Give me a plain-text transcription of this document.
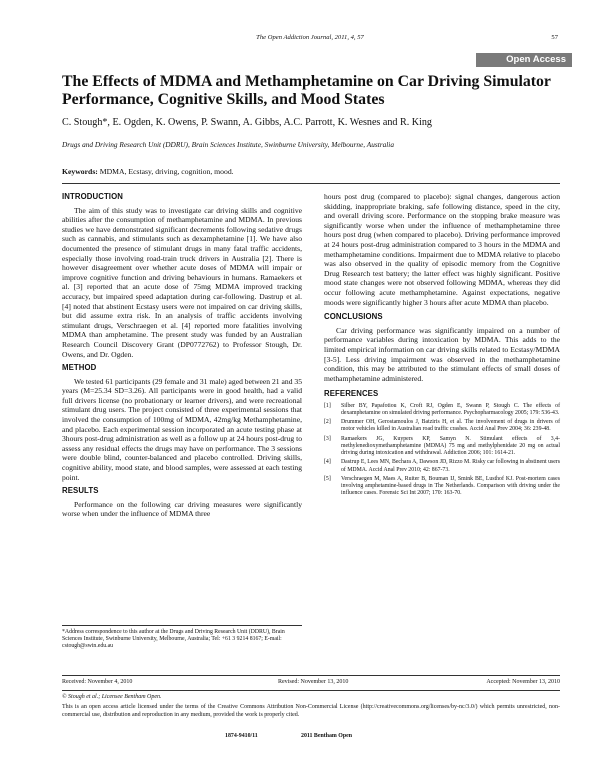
The Open Addiction Journal, 2011, 4, 57	57
Open Access
The Effects of MDMA and Methamphetamine on Car Driving Simulator Performance, Cognitive Skills, and Mood States
C. Stough*, E. Ogden, K. Owens, P. Swann, A. Gibbs, A.C. Parrott, K. Wesnes and R. King
Drugs and Driving Research Unit (DDRU), Brain Sciences Institute, Swinburne University, Melbourne, Australia
Keywords: MDMA, Ecstasy, driving, cognition, mood.
INTRODUCTION

The aim of this study was to investigate car driving skills and cognitive abilities after the consumption of methamphetamine and MDMA. In previous studies we have demonstrated significant decrements following sedative drugs such as cannabis, and stimulants such as dexamphetamine [1]. We have also documented the presence of stimulant drugs in many fatal traffic accidents, especially those involving road-train truck drivers in Australia [2]. There is however disagreement over whether acute doses of MDMA will impair or improve cognitive function and driving behaviours in humans. Ramaekers et al. [3] reported that an acute dose of 75mg MDMA improved tracking accuracy, but impaired speed adaptation during car-following. Dastrup et al. [4] noted that abstinent Ecstasy users were not impaired on car driving skills, but did assume extra risk. In an analysis of traffic accidents involving stimulant drugs, Verschraegen et al. [4] reported more fatalities involving MDMA than amphetamine. The present study was funded by an Australian Research Council Discovery Grant (DP0772762) to Professor Stough, Dr. Owens, and Dr. Ogden.

METHOD

We tested 61 participants (29 female and 31 male) aged between 21 and 35 years (M=25.34 SD=3.26). All participants were in good health, had a valid full drivers license (no probationary or learner drivers), and were recreational stimulant drug users. The project consisted of three experimental sessions that involved the consumption of 100mg of MDMA, 42mg/kg Methamphetamine, and placebo. Each experimental session incorporated an acute testing phase at 3hours post-drug administration as well as a follow up at 24 hours post-drug to assess any residual effects the drugs may have on performance. The 3 sessions were double blind, counter-balanced and placebo controlled. Driving skills, cognitive ability, mood state, and blood samples, were assessed at each testing point.

RESULTS

Performance on the following car driving measures were significantly worse when under the influence of MDMA three

*Address correspondence to this author at the Drugs and Driving Research Unit (DDRU), Brain Sciences Institute, Swinburne University, Melbourne, Australia; Tel: +61 3 9214 8167; E-mail: cstough@swin.edu.au

hours post drug (compared to placebo): signal changes, dangerous action skidding, inappropriate braking, safe following distance, speed in the city, and overall driving score. Performance on the stopping brake measure was significantly worse when under the influence of methamphetamine three hours post drug (when compared to placebo). Driving performance improved at 24 hours post-drug administration compared to 3 hours in the MDMA and methamphetamine conditions. Impairment due to MDMA relative to placebo was also observed in the quality of episodic memory from the Cognitive Drug Research test battery; the latter effect was highly significant. Positive mood state changes were not observed following MDMA, whereas they did occur following acute methamphetamine. Against expectations, negative moods were significantly higher 3 hours after acute MDMA than placebo.

CONCLUSIONS

Car driving performance was significantly impaired on a number of performance variables during intoxication by MDMA. This adds to the limited empirical information on car driving skills related to Ecstasy/MDMA [3-5]. Less driving impairment was observed in the methamphetamine condition, this may be attributed to the stimulant effects of small doses of methamphetamine administered.

REFERENCES
[1]	Silber BY, Papafotiou K, Croft RJ, Ogden E, Swann P, Stough C. The effects of dexamphetamine on simulated driving performance. Psychopharmacology 2005; 179: 536-43.
[2]	Drummer OH, Gerostamoulos J, Batziris H, et al. The involvement of drugs in drivers of motor vehicles killed in Australian road traffic crashes. Accid Anal Prev 2004; 36: 239-48.
[3]	Ramaekers JG, Kuypers KP, Samyn N. Stimulant effects of 3,4-methylenedioxymethamphetamine (MDMA) 75 mg and methylphenidate 20 mg on actual driving during intoxication and withdrawal. Addiction 2006; 101: 1614-21.
[4]	Dastrup E, Lees MN, Bechara A, Dawson JD, Rizzo M. Risky car following in abstinent users of MDMA. Accid Anal Prev 2010; 42: 867-73.
[5]	Verschraegen M, Maes A, Ruiter B, Bouman IJ, Smink BE, Lusthof KJ. Post-mortem cases involving amphetamine-based drugs in The Netherlands. Comparison with driving under the influence cases. Forensic Sci Int 2007; 170: 163-70.
Received: November 4, 2010	Revised: November 13, 2010	Accepted: November 13, 2010
© Stough et al.; Licensee Bentham Open.
This is an open access article licensed under the terms of the Creative Commons Attribution Non-Commercial License (http://creativecommons.org/licenses/by-nc/3.0/) which permits unrestricted, non-commercial use, distribution and reproduction in any medium, provided the work is properly cited.
1874-9410/11	2011 Bentham Open
